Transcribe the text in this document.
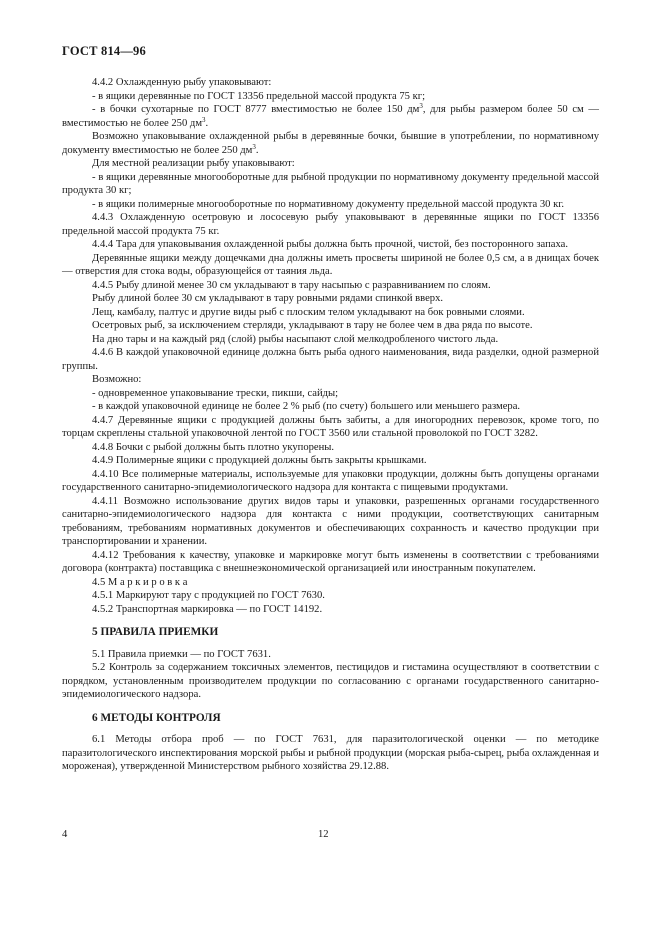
ГОСТ 814—96

4.4.2 Охлажденную рыбу упаковывают:

- в ящики деревянные по ГОСТ 13356 предельной массой продукта 75 кг;

- в бочки сухотарные по ГОСТ 8777 вместимостью не более 150 $дм^3$, для рыбы размером более 50 см — вместимостью не более 250 $дм^3$.

Возможно упаковывание охлажденной рыбы в деревянные бочки, бывшие в употреблении, по нормативному документу вместимостью не более 250 $дм^3$.

Для местной реализации рыбу упаковывают:

- в ящики деревянные многооборотные для рыбной продукции по нормативному документу предельной массой продукта 30 кг;

- в ящики полимерные многооборотные по нормативному документу предельной массой продукта 30 кг.

4.4.3 Охлажденную осетровую и лососевую рыбу упаковывают в деревянные ящики по ГОСТ 13356 предельной массой продукта 75 кг.

4.4.4 Тара для упаковывания охлажденной рыбы должна быть прочной, чистой, без посторонного запаха.

Деревянные ящики между дощечками дна должны иметь просветы шириной не более 0,5 см, а в днищах бочек — отверстия для стока воды, образующейся от таяния льда.

4.4.5 Рыбу длиной менее 30 см укладывают в тару насыпью с разравниванием по слоям.

Рыбу длиной более 30 см укладывают в тару ровными рядами спинкой вверх.

Лещ, камбалу, палтус и другие виды рыб с плоским телом укладывают на бок ровными слоями.

Осетровых рыб, за исключением стерляди, укладывают в тару не более чем в два ряда по высоте.

На дно тары и на каждый ряд (слой) рыбы насыпают слой мелкодробленого чистого льда.

4.4.6 В каждой упаковочной единице должна быть рыба одного наименования, вида разделки, одной размерной группы.

Возможно:

- одновременное упаковывание трески, пикши, сайды;

- в каждой упаковочной единице не более 2 % рыб (по счету) большего или меньшего размера.

4.4.7 Деревянные ящики с продукцией должны быть забиты, а для иногородних перевозок, кроме того, по торцам скреплены стальной упаковочной лентой по ГОСТ 3560 или стальной проволокой по ГОСТ 3282.

4.4.8 Бочки с рыбой должны быть плотно укупорены.

4.4.9 Полимерные ящики с продукцией должны быть закрыты крышками.

4.4.10 Все полимерные материалы, используемые для упаковки продукции, должны быть допущены органами государственного санитарно-эпидемиологического надзора для контакта с пищевыми продуктами.

4.4.11 Возможно использование других видов тары и упаковки, разрешенных органами государственного санитарно-эпидемиологического надзора для контакта с ними продукции, соответствующих санитарным требованиям, требованиям нормативных документов и обеспечивающих сохранность и качество продукции при транспортировании и хранении.

4.4.12 Требования к качеству, упаковке и маркировке могут быть изменены в соответствии с требованиями договора (контракта) поставщика с внешнеэкономической организацией или иностранным покупателем.

4.5 М а р к и р о в к а

4.5.1 Маркируют тару с продукцией по ГОСТ 7630.

4.5.2 Транспортная маркировка — по ГОСТ 14192.

5 ПРАВИЛА ПРИЕМКИ

5.1 Правила приемки — по ГОСТ 7631.

5.2 Контроль за содержанием токсичных элементов, пестицидов и гистамина осуществляют в соответствии с порядком, установленным производителем продукции по согласованию с органами государственного санитарно-эпидемиологического надзора.

6 МЕТОДЫ КОНТРОЛЯ

6.1 Методы отбора проб — по ГОСТ 7631, для паразитологической оценки — по методике паразитологического инспектирования морской рыбы и рыбной продукции (морская рыба-сырец, рыба охлажденная и мороженая), утвержденной Министерством рыбного хозяйства 29.12.88.

4	12
